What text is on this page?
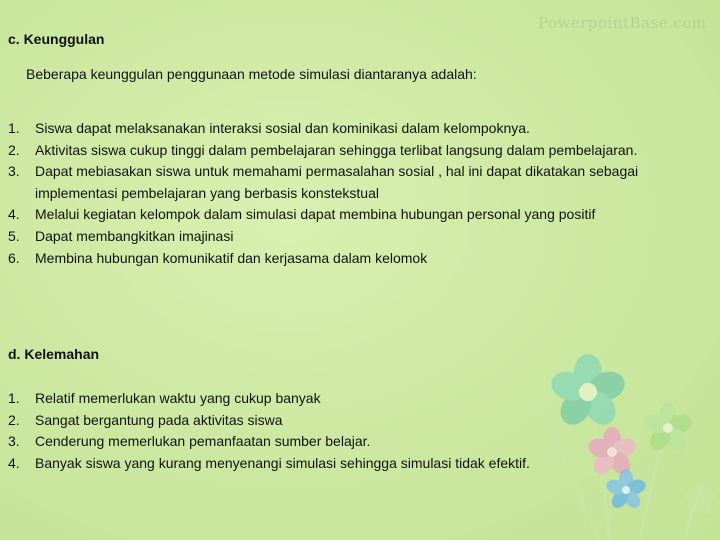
PowerpointBase.com
c. Keunggulan
Beberapa keunggulan penggunaan metode simulasi diantaranya adalah:
1. Siswa dapat melaksanakan interaksi sosial dan kominikasi dalam kelompoknya.
2. Aktivitas siswa cukup tinggi dalam pembelajaran sehingga terlibat langsung dalam pembelajaran.
3. Dapat mebiasakan siswa untuk memahami permasalahan sosial , hal ini dapat dikatakan sebagai implementasi pembelajaran yang berbasis konstekstual
4. Melalui kegiatan kelompok dalam simulasi dapat membina hubungan personal yang positif
5. Dapat membangkitkan imajinasi
6. Membina hubungan komunikatif dan kerjasama dalam kelomok
d. Kelemahan
1. Relatif memerlukan waktu yang cukup banyak
2. Sangat bergantung pada aktivitas siswa
3. Cenderung memerlukan pemanfaatan sumber belajar.
4. Banyak siswa yang kurang menyenangi simulasi sehingga simulasi tidak efektif.
